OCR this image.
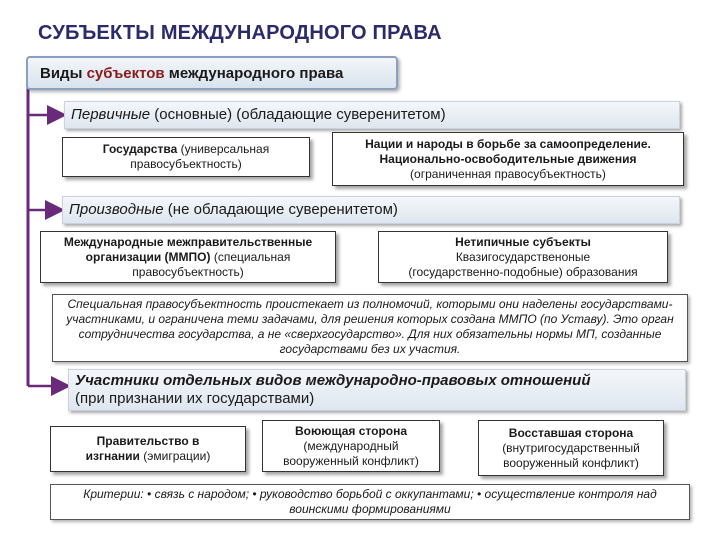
СУБЪЕКТЫ МЕЖДУНАРОДНОГО ПРАВА
Виды субъектов международного права
Первичные (основные) (обладающие суверенитетом)
Государства (универсальная
правосубъектность)
Нации и народы в борьбе за самоопределение.
Национально-освободительные движения
(ограниченная правосубъектность)
Производные (не обладающие суверенитетом)
Международные межправительственные
организации (ММПО) (специальная
правосубъектность)
Нетипичные субъекты
Квазигосударственоные
(государственно-подобные) образования
Специальная правосубъектность проистекает из полномочий, которыми они наделены государствами-участниками, и ограничена теми задачами, для решения которых создана ММПО (по Уставу). Это орган сотрудничества государства, а не «сверхгосударство». Для них обязательны нормы МП, созданные государствами без их участия.
Участники отдельных видов международно-правовых отношений
(при признании их государствами)
Правительство в
изгнании (эмиграции)
Воюющая сторона
(международный
вооруженный конфликт)
Восставшая сторона
(внутригосударственный
вооруженный конфликт)
Критерии: • связь с народом; • руководство борьбой с оккупантами; • осуществление контроля над воинскими формированиями
